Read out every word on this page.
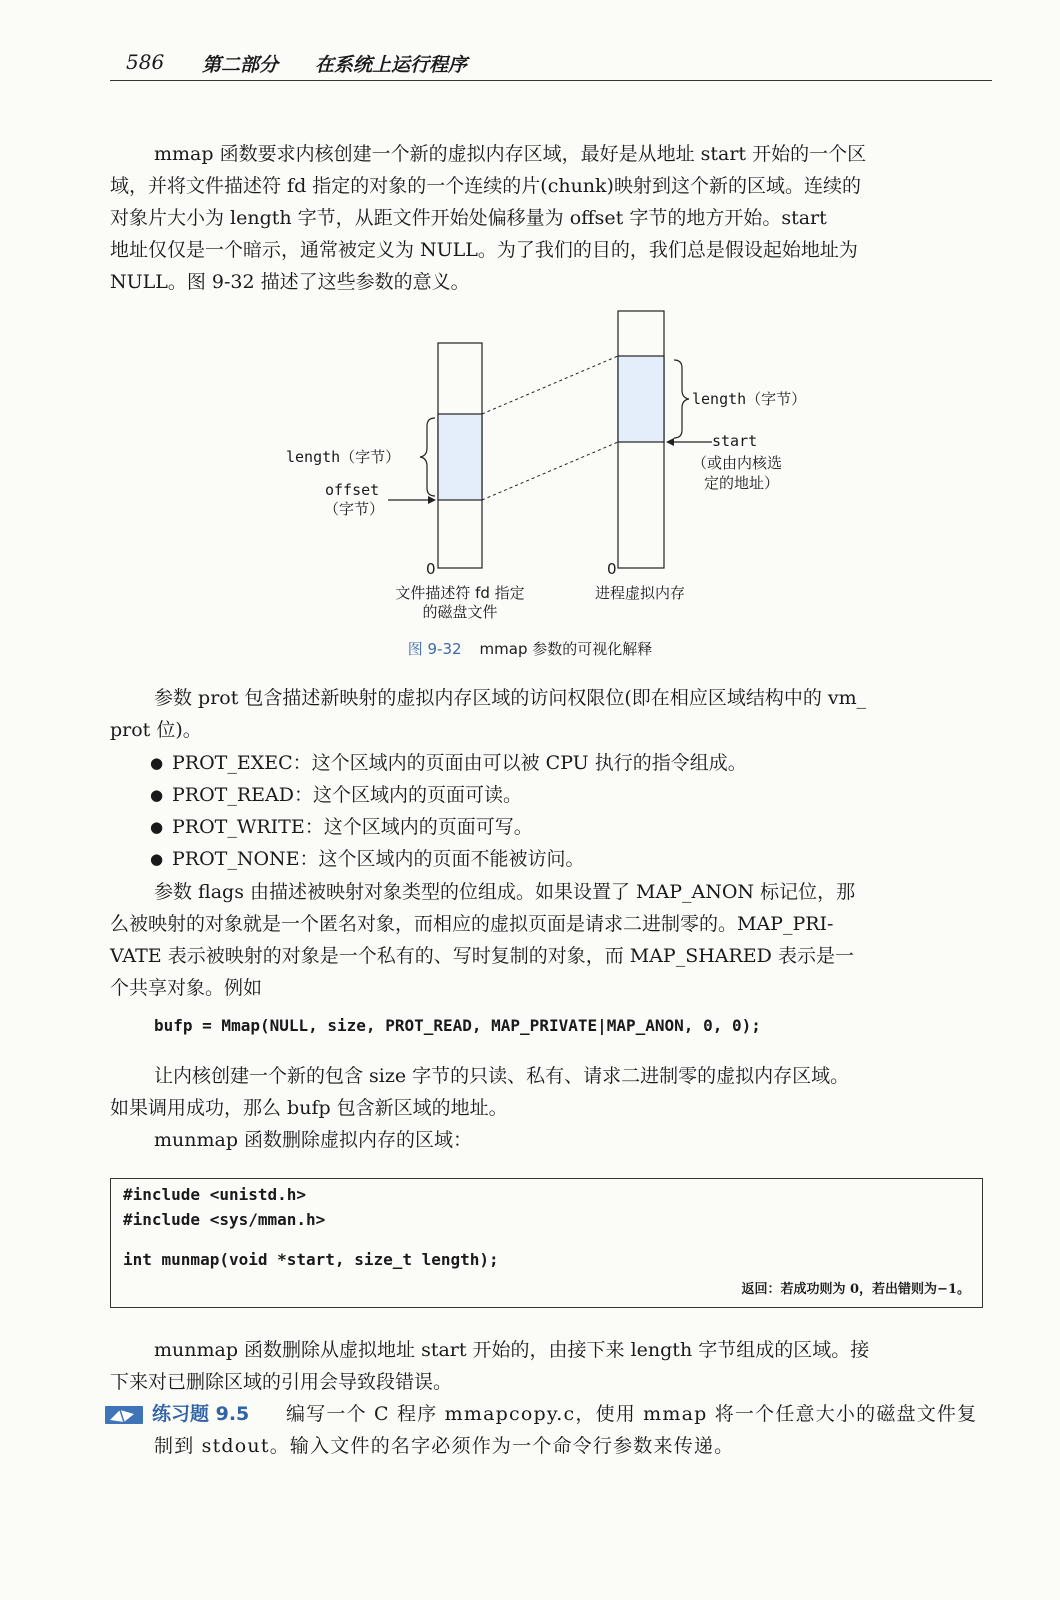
586 第二部分 在系统上运行程序

mmap 函数要求内核创建一个新的虚拟内存区域，最好是从地址 start 开始的一个区

域，并将文件描述符 fd 指定的对象的一个连续的片(chunk)映射到这个新的区域。连续的

对象片大小为 length 字节，从距文件开始处偏移量为 offset 字节的地方开始。start

地址仅仅是一个暗示，通常被定义为 NULL。为了我们的目的，我们总是假设起始地址为

NULL。图 9-32 描述了这些参数的意义。

length（字节）
offset
（字节）
0
文件描述符 fd 指定
的磁盘文件
length（字节）
start
（或由内核选
定的地址）
0
进程虚拟内存
图 9-32 mmap 参数的可视化解释

参数 prot 包含描述新映射的虚拟内存区域的访问权限位(即在相应区域结构中的 vm_

prot 位)。

● PROT_EXEC：这个区域内的页面由可以被 CPU 执行的指令组成。
● PROT_READ：这个区域内的页面可读。
● PROT_WRITE：这个区域内的页面可写。
● PROT_NONE：这个区域内的页面不能被访问。

参数 flags 由描述被映射对象类型的位组成。如果设置了 MAP_ANON 标记位，那

么被映射的对象就是一个匿名对象，而相应的虚拟页面是请求二进制零的。MAP_PRI-

VATE 表示被映射的对象是一个私有的、写时复制的对象，而 MAP_SHARED 表示是一

个共享对象。例如

bufp = Mmap(NULL, size, PROT_READ, MAP_PRIVATE|MAP_ANON, 0, 0);

让内核创建一个新的包含 size 字节的只读、私有、请求二进制零的虚拟内存区域。

如果调用成功，那么 bufp 包含新区域的地址。

munmap 函数删除虚拟内存的区域：

#include <unistd.h>
#include <sys/mman.h>
int munmap(void *start, size_t length);
返回：若成功则为 0，若出错则为−1。

munmap 函数删除从虚拟地址 start 开始的，由接下来 length 字节组成的区域。接

下来对已删除区域的引用会导致段错误。

练习题 9.5 编写一个 C 程序 mmapcopy.c，使用 mmap 将一个任意大小的磁盘文件复
制到 stdout。输入文件的名字必须作为一个命令行参数来传递。
